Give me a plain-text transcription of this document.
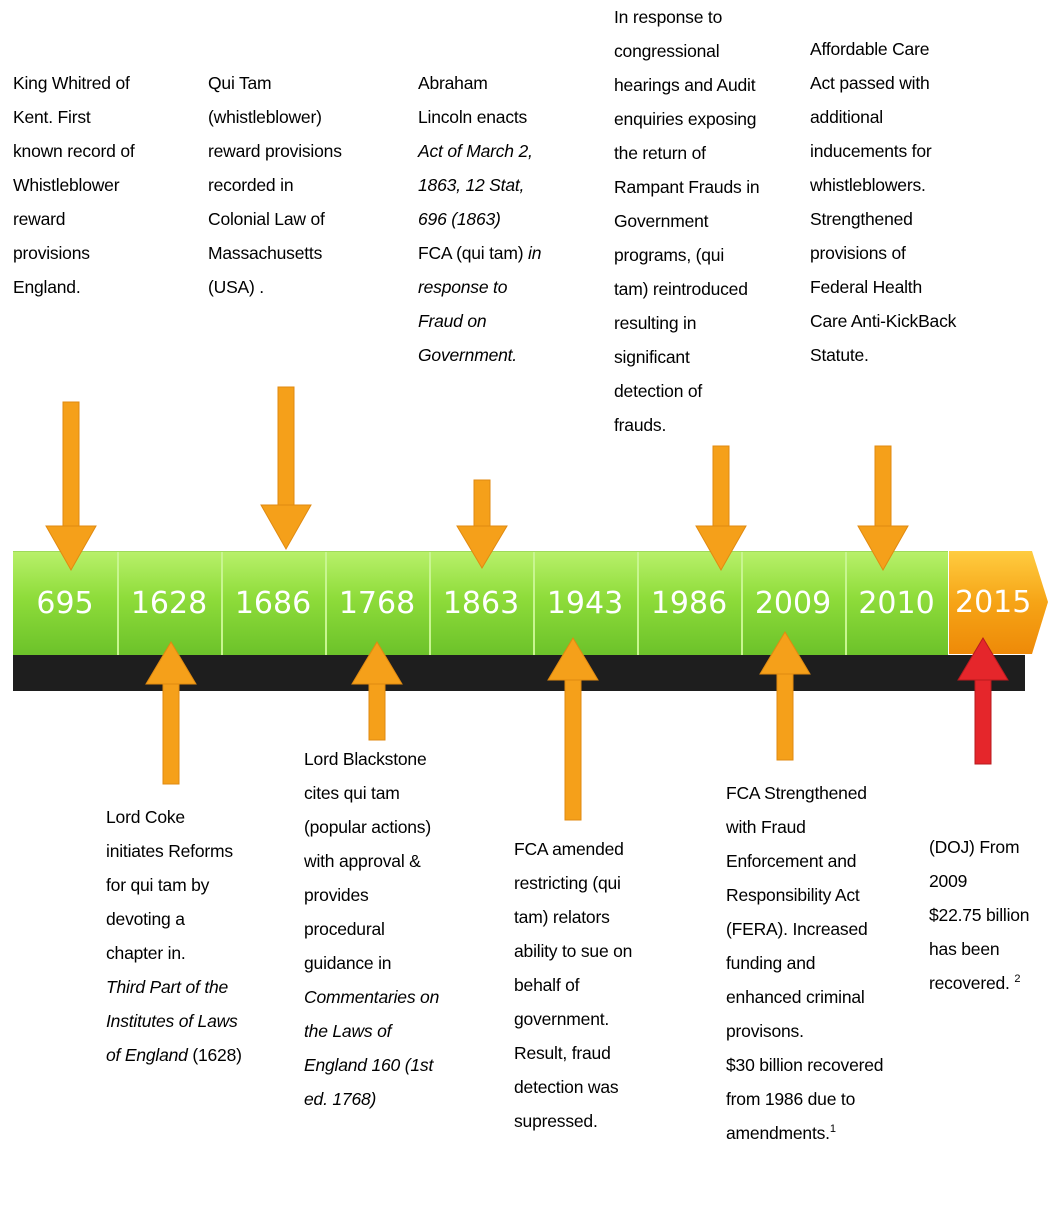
King Whitred of
Kent. First
known record of
Whistleblower
reward
provisions
England.
Qui Tam
(whistleblower)
reward provisions
recorded in
Colonial Law of
Massachusetts
(USA) .
Abraham
Lincoln enacts
Act of March 2,
1863, 12 Stat,
696 (1863)
FCA (qui tam) in
response to
Fraud on
Government.
In response to
congressional
hearings and Audit
enquiries exposing
the return of
Rampant Frauds in
Government
programs, (qui
tam) reintroduced
resulting in
significant
detection of
frauds.
Affordable Care
Act passed with
additional
inducements for
whistleblowers.
Strengthened
provisions of
Federal Health
Care Anti-KickBack
Statute.
Lord Coke
initiates Reforms
for qui tam by
devoting a
chapter in.
Third Part of the
Institutes of Laws
of England (1628)
Lord Blackstone
cites qui tam
(popular actions)
with approval &
provides
procedural
guidance in
Commentaries on
the Laws of
England 160 (1st
ed. 1768)
FCA amended
restricting (qui
tam) relators
ability to sue on
behalf of
government.
Result, fraud
detection was
supressed.
FCA Strengthened
with Fraud
Enforcement and
Responsibility Act
(FERA). Increased
funding and
enhanced criminal
provisons.
$30 billion recovered
from 1986 due to
amendments.$^1$
(DOJ) From 2009
$22.75 billion
has been
recovered. $^2$
695	1628 1686 1768 1863 1943 1986 2009 2010 2015
